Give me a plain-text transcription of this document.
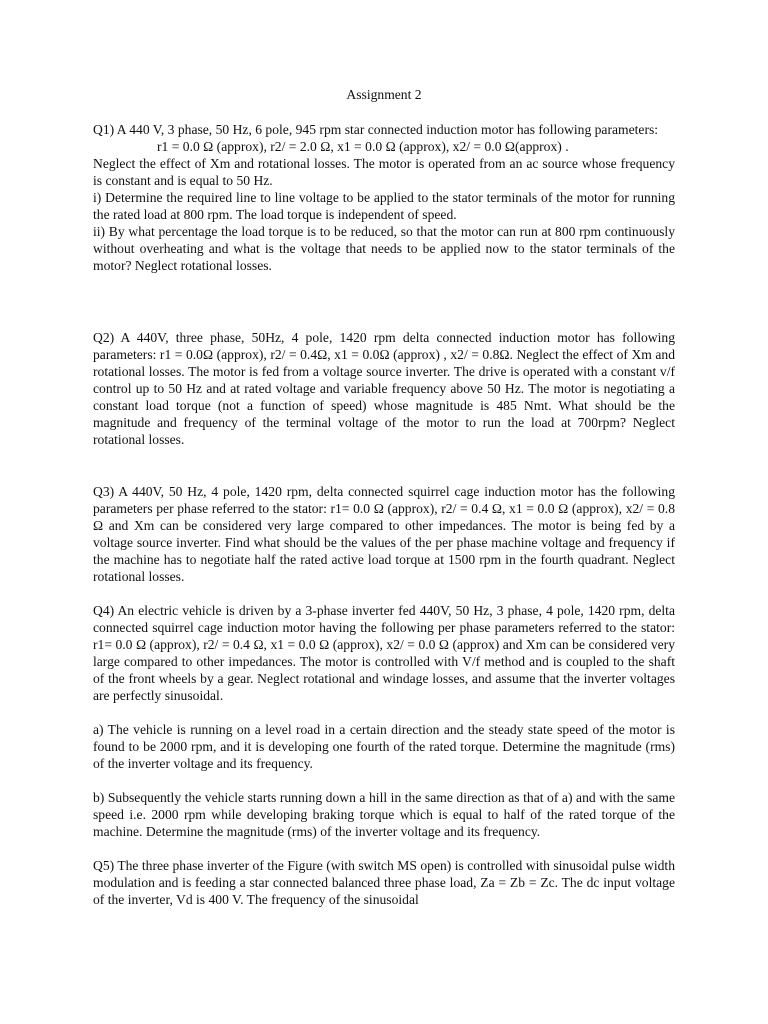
Assignment 2

Q1) A 440 V, 3 phase, 50 Hz, 6 pole, 945 rpm star connected induction motor has following parameters:

r1 = 0.0 Ω (approx), r2/ = 2.0 Ω, x1 = 0.0 Ω (approx), x2/ = 0.0 Ω(approx) .

Neglect the effect of Xm and rotational losses. The motor is operated from an ac source whose frequency is constant and is equal to 50 Hz.

i) Determine the required line to line voltage to be applied to the stator terminals of the motor for running the rated load at 800 rpm. The load torque is independent of speed.

ii) By what percentage the load torque is to be reduced, so that the motor can run at 800 rpm continuously without overheating and what is the voltage that needs to be applied now to the stator terminals of the motor? Neglect rotational losses.

Q2) A 440V, three phase, 50Hz, 4 pole, 1420 rpm delta connected induction motor has following parameters: r1 = 0.0Ω (approx), r2/ = 0.4Ω, x1 = 0.0Ω (approx) , x2/ = 0.8Ω. Neglect the effect of Xm and rotational losses. The motor is fed from a voltage source inverter. The drive is operated with a constant v/f control up to 50 Hz and at rated voltage and variable frequency above 50 Hz. The motor is negotiating a constant load torque (not a function of speed) whose magnitude is 485 Nmt. What should be the magnitude and frequency of the terminal voltage of the motor to run the load at 700rpm? Neglect rotational losses.

Q3) A 440V, 50 Hz, 4 pole, 1420 rpm, delta connected squirrel cage induction motor has the following parameters per phase referred to the stator: r1= 0.0 Ω (approx), r2/ = 0.4 Ω, x1 = 0.0 Ω (approx), x2/ = 0.8 Ω and Xm can be considered very large compared to other impedances. The motor is being fed by a voltage source inverter. Find what should be the values of the per phase machine voltage and frequency if the machine has to negotiate half the rated active load torque at 1500 rpm in the fourth quadrant. Neglect rotational losses.

Q4) An electric vehicle is driven by a 3-phase inverter fed 440V, 50 Hz, 3 phase, 4 pole, 1420 rpm, delta connected squirrel cage induction motor having the following per phase parameters referred to the stator: r1= 0.0 Ω (approx), r2/ = 0.4 Ω, x1 = 0.0 Ω (approx), x2/ = 0.0 Ω (approx) and Xm can be considered very large compared to other impedances. The motor is controlled with V/f method and is coupled to the shaft of the front wheels by a gear. Neglect rotational and windage losses, and assume that the inverter voltages are perfectly sinusoidal.

a) The vehicle is running on a level road in a certain direction and the steady state speed of the motor is found to be 2000 rpm, and it is developing one fourth of the rated torque. Determine the magnitude (rms) of the inverter voltage and its frequency.

b) Subsequently the vehicle starts running down a hill in the same direction as that of a) and with the same speed i.e. 2000 rpm while developing braking torque which is equal to half of the rated torque of the machine. Determine the magnitude (rms) of the inverter voltage and its frequency.

Q5) The three phase inverter of the Figure (with switch MS open) is controlled with sinusoidal pulse width modulation and is feeding a star connected balanced three phase load, Za = Zb = Zc. The dc input voltage of the inverter, Vd is 400 V. The frequency of the sinusoidal
